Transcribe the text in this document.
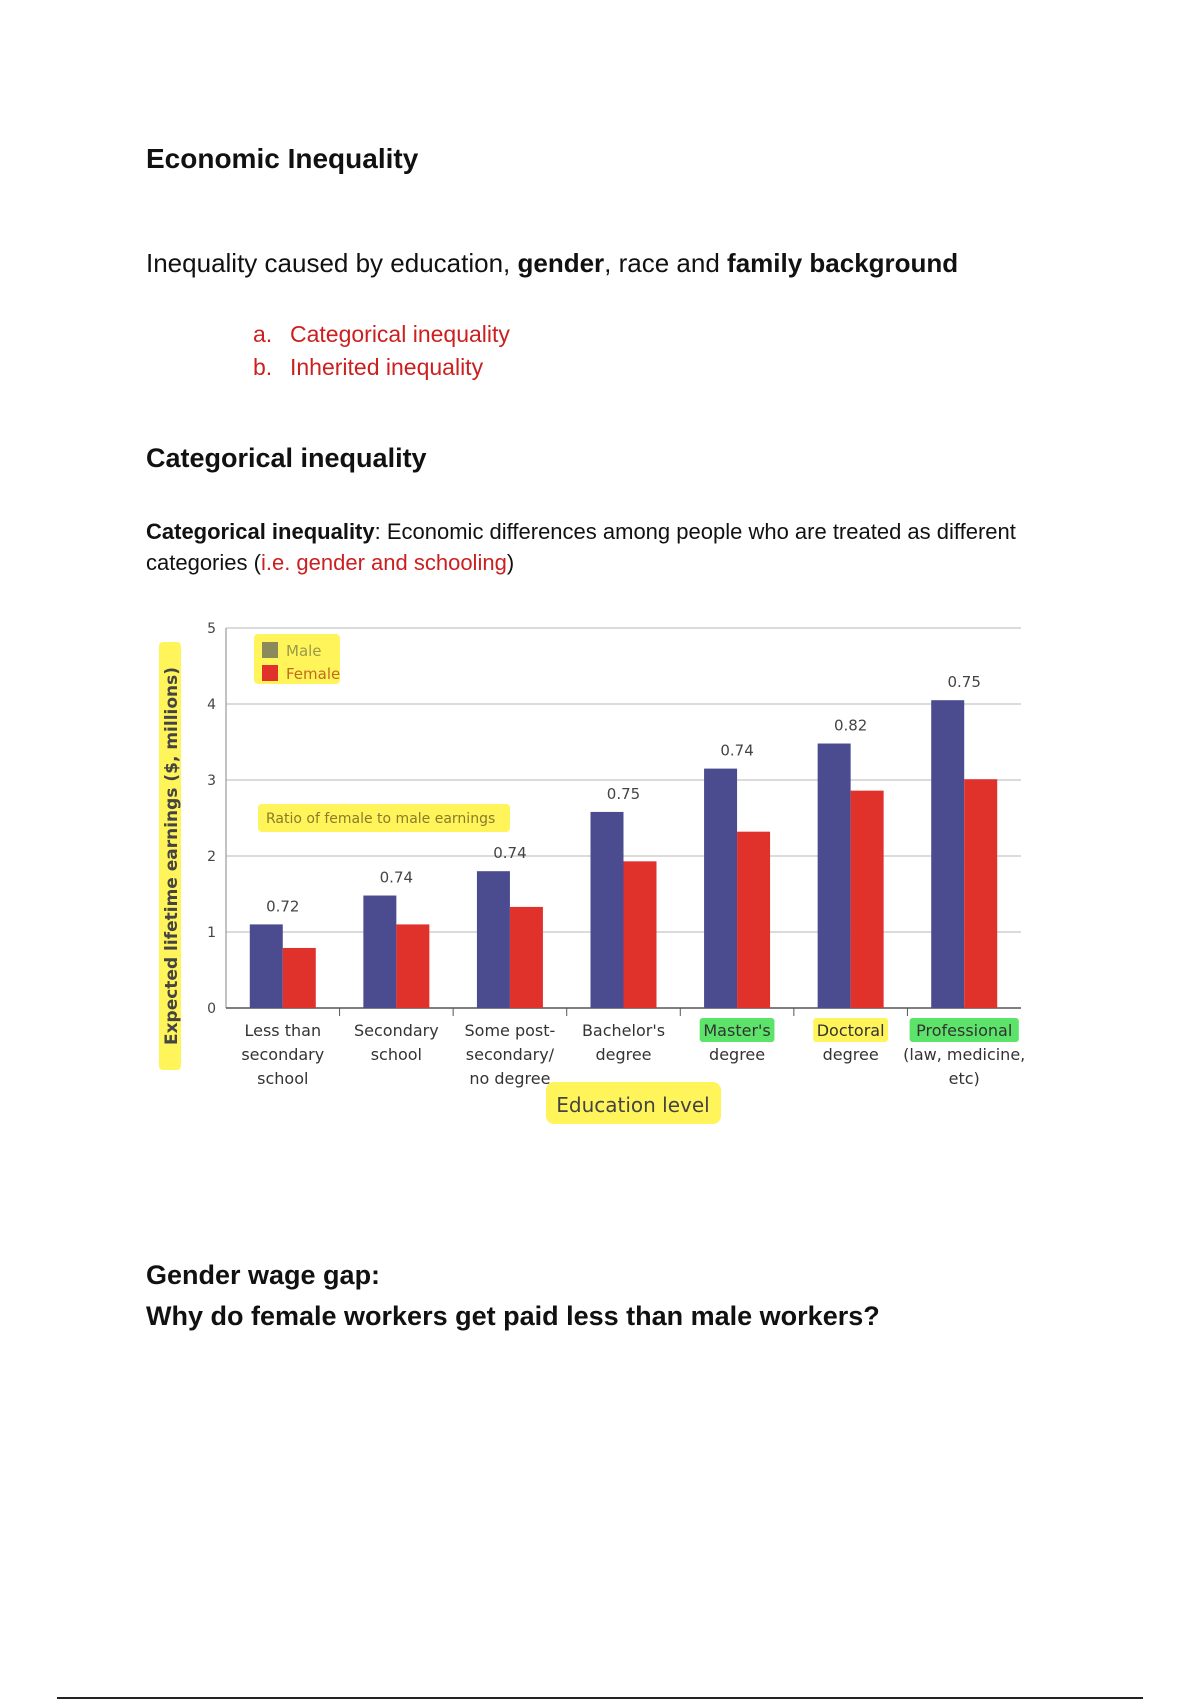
Economic Inequality

Inequality caused by education, gender, race and family background

a. Categorical inequality
b. Inherited inequality
Categorical inequality

Categorical inequality: Economic differences among people who are treated as different categories (i.e. gender and schooling)

0
1
2
3
4
5
0.72
Less than
secondary
school
0.74
Secondary
school
0.74
Some post-
secondary/
no degree
0.75
Bachelor's
degree
0.74
Master's
degree
0.82
Doctoral
degree
0.75
Professional
(law, medicine,
etc)
Male
Female
Ratio of female to male earnings
Education level
Expected lifetime earnings ($, millions)
Gender wage gap:
Why do female workers get paid less than male workers?
